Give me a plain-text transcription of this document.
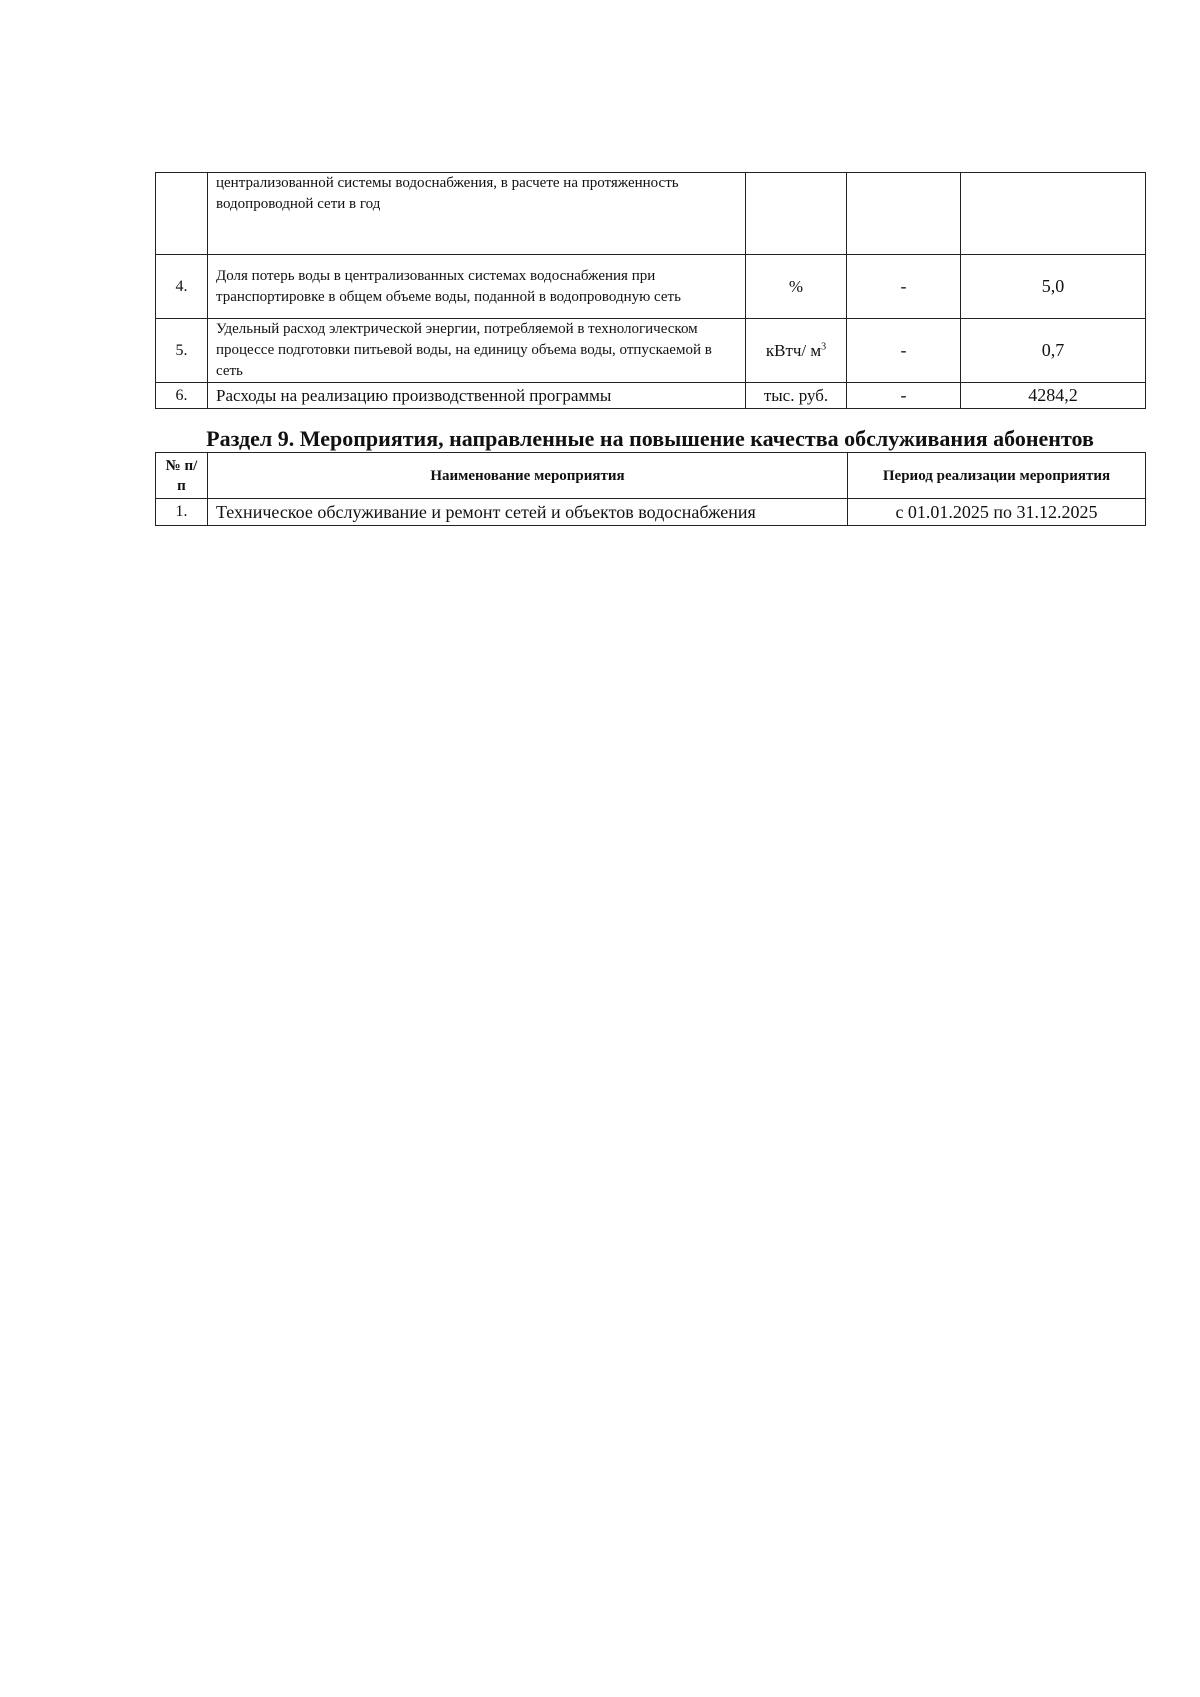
	централизованной системы водоснабжения, в расчете на протяженность водопроводной сети в год			
4.	Доля потерь воды в централизованных системах водоснабжения при транспортировке в общем объеме воды, поданной в водопроводную сеть	%	-	5,0
5.	Удельный расход электрической энергии, потребляемой в технологическом процессе подготовки питьевой воды, на единицу объема воды, отпускаемой в сеть	кВтч/ $м^3$	-	0,7
6.	Расходы на реализацию производственной программы	тыс. руб.	-	4284,2
Раздел 9. Мероприятия, направленные на повышение качества обслуживания абонентов
№ п/п	Наименование мероприятия	Период реализации мероприятия
1.	Техническое обслуживание и ремонт сетей и объектов водоснабжения	с 01.01.2025 по 31.12.2025
